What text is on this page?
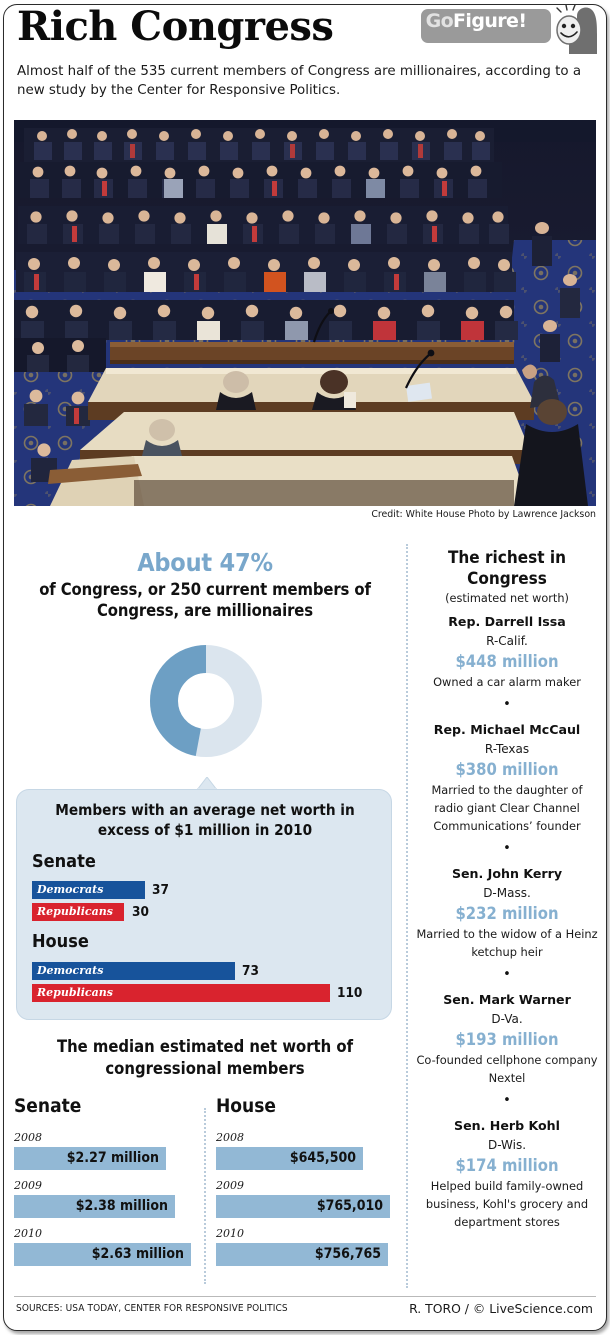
Rich Congress	GoFigure!
Almost half of the 535 current members of Congress are millionaires, according to a new study by the Center for Responsive Politics.
Credit: White House Photo by Lawrence Jackson
About 47%
of Congress, or 250 current members of Congress, are millionaires
Members with an average net worth in excess of $1 million in 2010
Senate
Democrats	37
Republicans 30
House
Democrats	73
Republicans	110
The median estimated net worth of congressional members
Senate
2008
$2.27 million
2009
$2.38 million
2010
$2.63 million
House
2008
$645,500
2009
$765,010
2010
$756,765
The richest in Congress
(estimated net worth)
Rep. Darrell Issa
R-Calif.
$448 million
Owned a car alarm maker
•
Rep. Michael McCaul
R-Texas
$380 million
Married to the daughter of radio giant Clear Channel Communications’ founder
•
Sen. John Kerry
D-Mass.
$232 million
Married to the widow of a Heinz ketchup heir
•
Sen. Mark Warner
D-Va.
$193 million
Co-founded cellphone company Nextel
•
Sen. Herb Kohl
D-Wis.
$174 million
Helped build family-owned business, Kohl's grocery and department stores
SOURCES: USA TODAY, CENTER FOR RESPONSIVE POLITICS	R. TORO / © LiveScience.com
